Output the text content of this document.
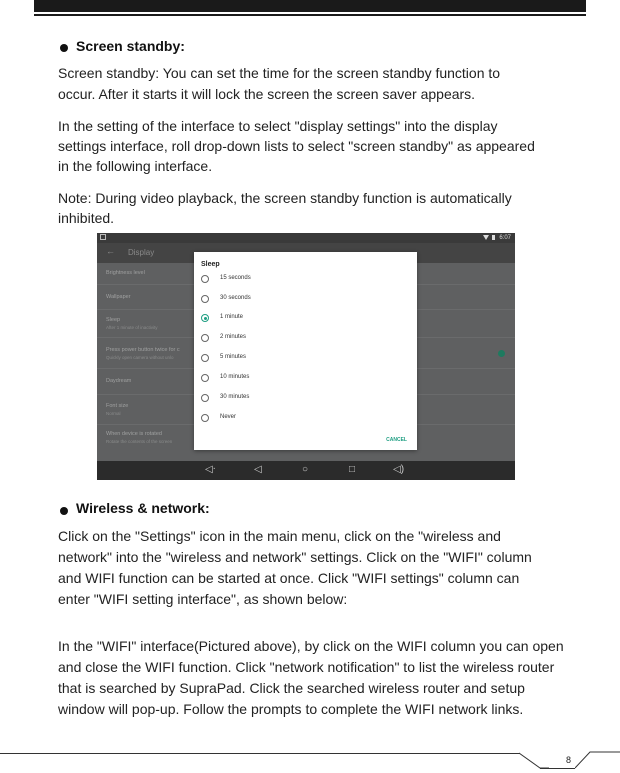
Screen standby:

Screen standby: You can set the time for the screen standby function to

occur. After it starts it will lock the screen the screen saver appears.

In the setting of the interface to select "display settings" into the display

settings interface, roll drop-down lists to select "screen standby" as appeared

in the following interface.

Note: During video playback, the screen standby function is automatically

inhibited.

6:07
← Display
Brightness level
Wallpaper
Sleep
After 1 minute of inactivity
Press power button twice for c
Quickly open camera without unlo
Daydream
Font size
Normal
When device is rotated
Rotate the contents of the screen
Sleep
15 seconds
30 seconds
1 minute
2 minutes
5 minutes
10 minutes
30 minutes
Never
CANCEL
◁ᐧ	◁	○	□	◁)
Wireless & network:

Click on the "Settings" icon in the main menu, click on the "wireless and

network" into the "wireless and network" settings. Click on the "WIFI" column

and WIFI function can be started at once. Click "WIFI settings" column can

enter "WIFI setting interface", as shown below:

In the "WIFI" interface(Pictured above), by click on the WIFI column you can open

and close the WIFI function. Click "network notification" to list the wireless router

that is searched by SupraPad. Click the searched wireless router and setup

window will pop-up. Follow the prompts to complete the WIFI network links.

8
